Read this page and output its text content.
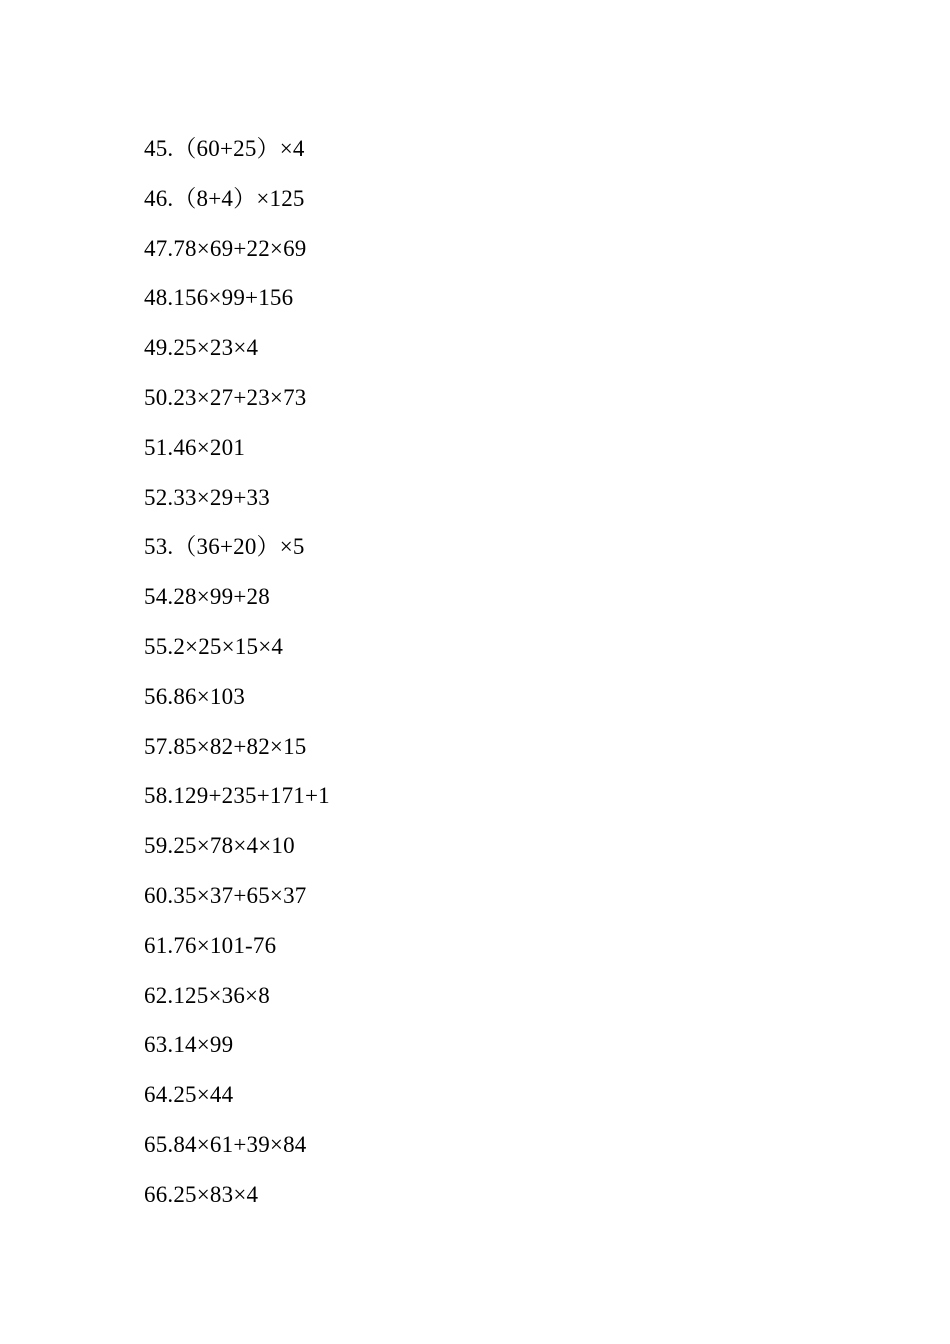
45.（60+25）×4
46.（8+4）×125
47.78×69+22×69
48.156×99+156
49.25×23×4
50.23×27+23×73
51.46×201
52.33×29+33
53.（36+20）×5
54.28×99+28
55.2×25×15×4
56.86×103
57.85×82+82×15
58.129+235+171+1
59.25×78×4×10
60.35×37+65×37
61.76×101-76
62.125×36×8
63.14×99
64.25×44
65.84×61+39×84
66.25×83×4
